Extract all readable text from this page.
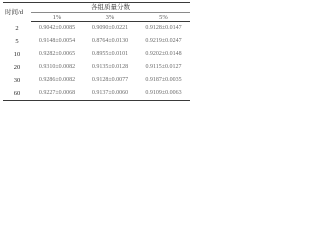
时间/d	各组质量分数		
	1%	3%	5%
2	0.9042±0.0085	0.9090±0.0221	0.9128±0.0147
5	0.9148±0.0054	0.8764±0.0130	0.9219±0.0247
10	0.9282±0.0065	0.8955±0.0101	0.9202±0.0148
20	0.9310±0.0082	0.9135±0.0128	0.9115±0.0127
30	0.9286±0.0082	0.9128±0.0077	0.9187±0.0035
60	0.9227±0.0068	0.9137±0.0060	0.9109±0.0063
